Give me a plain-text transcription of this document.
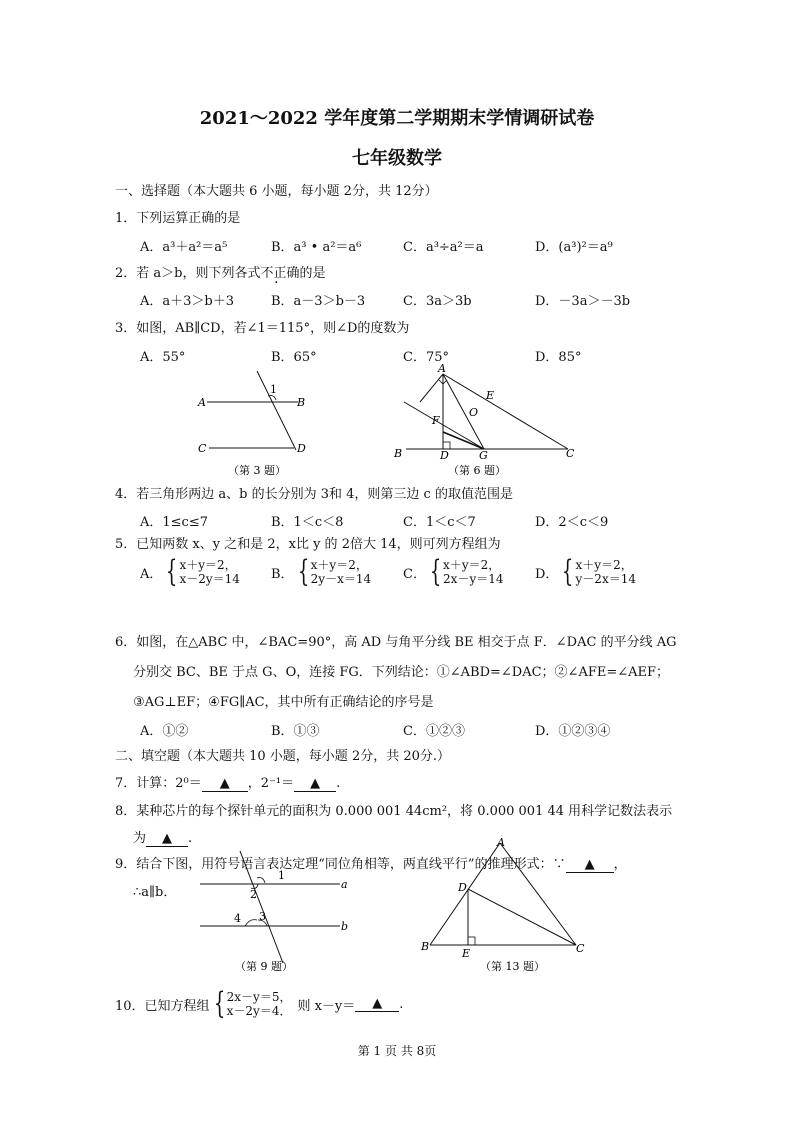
2021～2022 学年度第二学期期末学情调研试卷
七年级数学
一、选择题（本大题共 6 小题，每小题 2分，共 12分）
1．下列运算正确的是
A．a³＋a²＝a⁵	B．a³ • a²＝a⁶	C．a³÷a²＝a	D．(a³)²＝a⁹
2．若 a＞b，则下列各式不正确的是
A．a＋3＞b＋3	B．a－3＞b－3	C．3a＞3b	D．－3a＞－3b
3．如图，AB∥CD，若∠1＝115°，则∠D的度数为
A．55°	B．65°	C．75°	D．85°
A	B
C	D
1
（第 3 题）
A
B	C
D
E
F
G
O
（第 6 题）
4．若三角形两边 a、b 的长分别为 3和 4，则第三边 c 的取值范围是
A．1≤c≤7	B．1＜c＜8	C．1＜c＜7	D．2＜c＜9
5．已知两数 x、y 之和是 2，x比 y 的 2倍大 14，则可列方程组为
A． { x＋y＝2，
x－2y＝14 B． { x＋y＝2，
2y－x＝14 C． { x＋y＝2，
2x－y＝14 D． { x＋y＝2，
y－2x＝14
6．如图，在△ABC 中，∠BAC=90°，高 AD 与角平分线 BE 相交于点 F．∠DAC 的平分线 AG
分别交 BC、BE 于点 G、O，连接 FG．下列结论：①∠ABD=∠DAC；②∠AFE=∠AEF；
③AG⊥EF；④FG∥AC，其中所有正确结论的序号是
A．①②	B．①③	C．①②③	D．①②③④
二、填空题（本大题共 10 小题，每小题 2分，共 20分.）
7．计算：2⁰＝ ▲ ，2⁻¹＝ ▲ .
8．某种芯片的每个探针单元的面积为 0.000 001 44cm²，将 0.000 001 44 用科学记数法表示
为 ▲ .
9．结合下图，用符号语言表达定理“同位角相等，两直线平行”的推理形式：∵ ▲ ，
∴a∥b．
a
b
1
2
3
4
（第 9 题）
A
B	C
D
E
（第 13 题）
10．已知方程组 { 2x－y＝5，
x－2y＝4． 则 x－y＝	▲	.
第 1 页 共 8页
